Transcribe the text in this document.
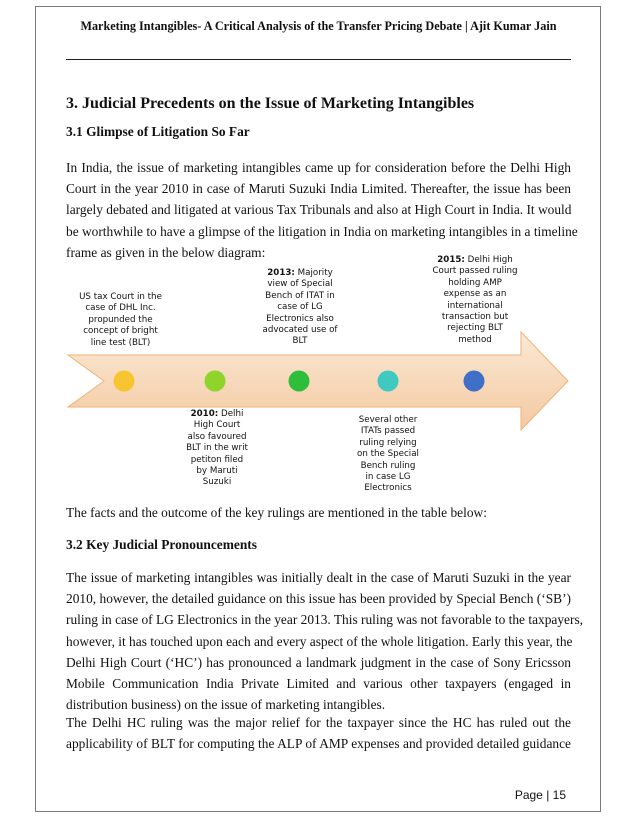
Marketing Intangibles- A Critical Analysis of the Transfer Pricing Debate | Ajit Kumar Jain
3. Judicial Precedents on the Issue of Marketing Intangibles
3.1 Glimpse of Litigation So Far

In India, the issue of marketing intangibles came up for consideration before the Delhi High
Court in the year 2010 in case of Maruti Suzuki India Limited. Thereafter, the issue has been
largely debated and litigated at various Tax Tribunals and also at High Court in India. It would
be worthwhile to have a glimpse of the litigation in India on marketing intangibles in a timeline
frame as given in the below diagram:

US tax Court in the
case of DHL Inc.
propunded the
concept of bright
line test (BLT)
2013: Majority
view of Special
Bench of ITAT in
case of LG
Electronics also
advocated use of
BLT
2015: Delhi High
Court passed ruling
holding AMP
expense as an
international
transaction but
rejecting BLT
method
2010: Delhi
High Court
also favoured
BLT in the writ
petiton filed
by Maruti
Suzuki
Several other
ITATs passed
ruling relying
on the Special
Bench ruling
in case LG
Electronics
The facts and the outcome of the key rulings are mentioned in the table below:
3.2 Key Judicial Pronouncements

The issue of marketing intangibles was initially dealt in the case of Maruti Suzuki in the year
2010, however, the detailed guidance on this issue has been provided by Special Bench (‘SB’)
ruling in case of LG Electronics in the year 2013. This ruling was not favorable to the taxpayers,
however, it has touched upon each and every aspect of the whole litigation. Early this year, the
Delhi High Court (‘HC’) has pronounced a landmark judgment in the case of Sony Ericsson
Mobile Communication India Private Limited and various other taxpayers (engaged in
distribution business) on the issue of marketing intangibles.

The Delhi HC ruling was the major relief for the taxpayer since the HC has ruled out the
applicability of BLT for computing the ALP of AMP expenses and provided detailed guidance

Page | 15
